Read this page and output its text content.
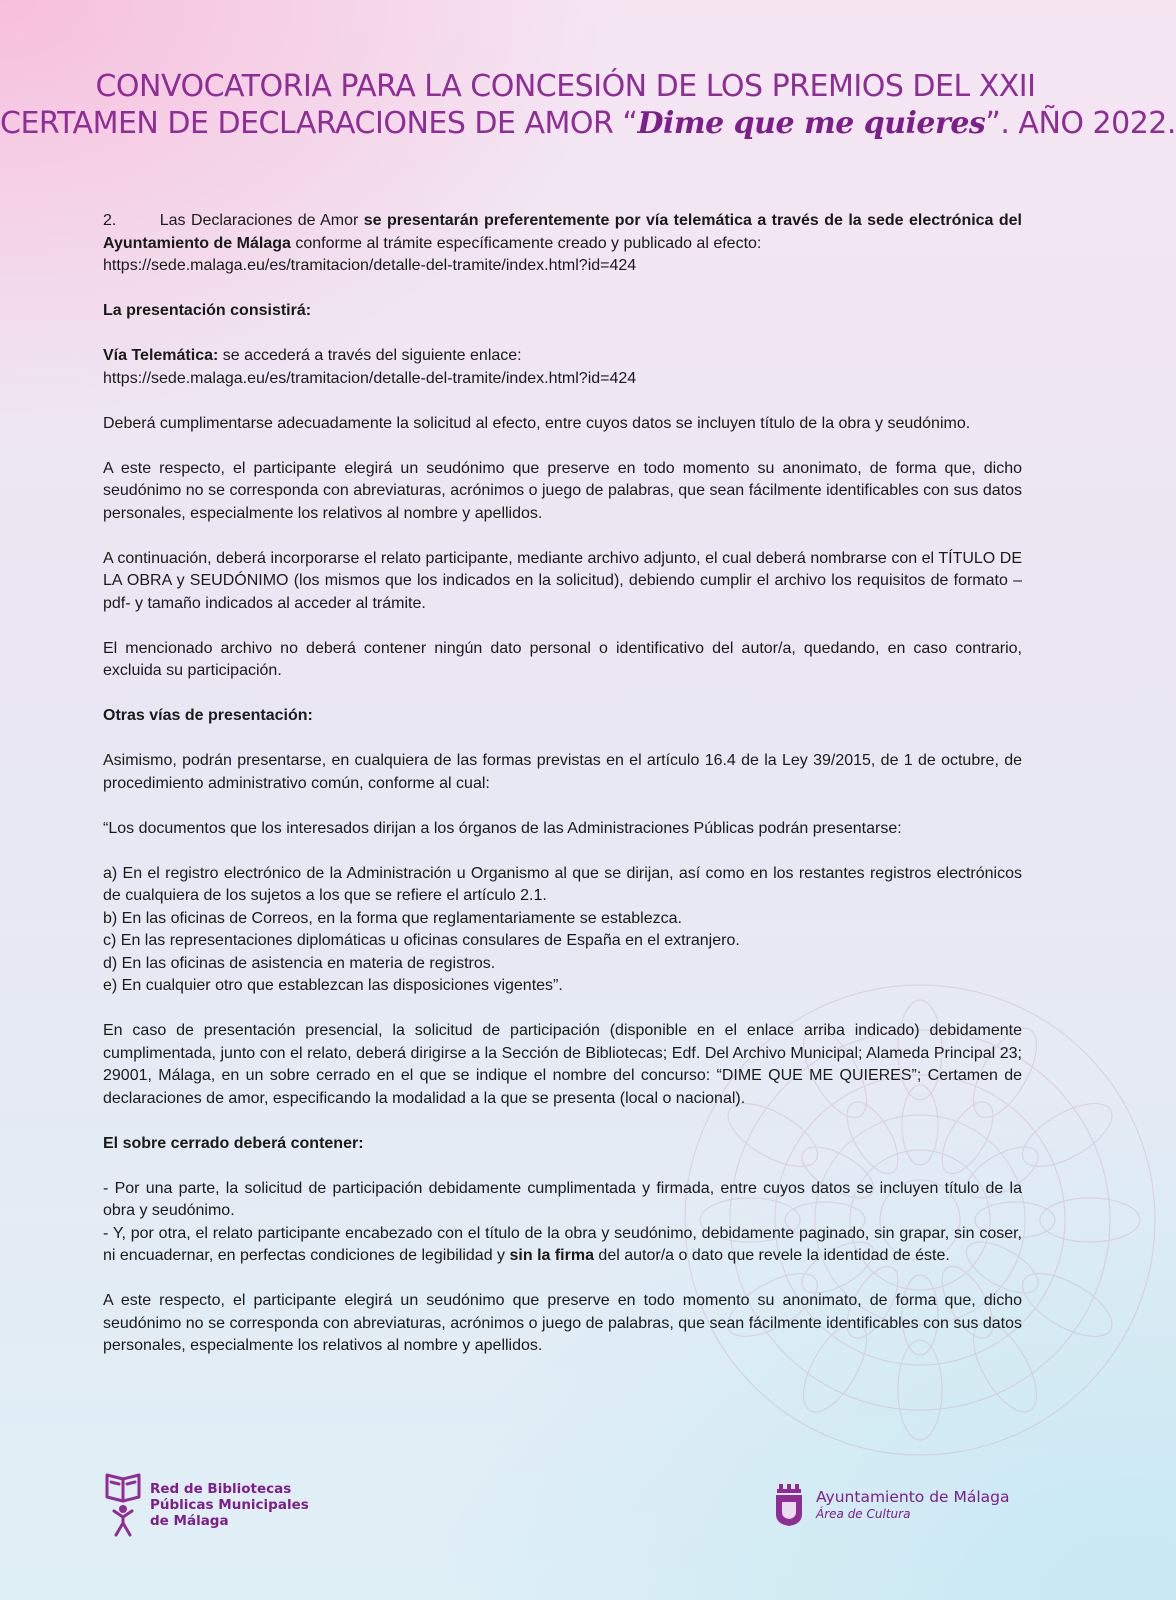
CONVOCATORIA PARA LA CONCESIÓN DE LOS PREMIOS DEL XXII
CERTAMEN DE DECLARACIONES DE AMOR “Dime que me quieres”. AÑO 2022.

2.	Las Declaraciones de Amor se presentarán preferentemente por vía telemática a través de la sede electrónica del Ayuntamiento de Málaga conforme al trámite específicamente creado y publicado al efecto:
https://sede.malaga.eu/es/tramitacion/detalle-del-tramite/index.html?id=424

La presentación consistirá:

Vía Telemática: se accederá a través del siguiente enlace:
https://sede.malaga.eu/es/tramitacion/detalle-del-tramite/index.html?id=424

Deberá cumplimentarse adecuadamente la solicitud al efecto, entre cuyos datos se incluyen título de la obra y seudónimo.

A este respecto, el participante elegirá un seudónimo que preserve en todo momento su anonimato, de forma que, dicho seudónimo no se corresponda con abreviaturas, acrónimos o juego de palabras, que sean fácilmente identificables con sus datos personales, especialmente los relativos al nombre y apellidos.

A continuación, deberá incorporarse el relato participante, mediante archivo adjunto, el cual deberá nombrarse con el TÍTULO DE LA OBRA y SEUDÓNIMO (los mismos que los indicados en la solicitud), debiendo cumplir el archivo los requisitos de formato –pdf- y tamaño indicados al acceder al trámite.

El mencionado archivo no deberá contener ningún dato personal o identificativo del autor/a, quedando, en caso contrario, excluida su participación.

Otras vías de presentación:

Asimismo, podrán presentarse, en cualquiera de las formas previstas en el artículo 16.4 de la Ley 39/2015, de 1 de octubre, de procedimiento administrativo común, conforme al cual:

“Los documentos que los interesados dirijan a los órganos de las Administraciones Públicas podrán presentarse:

a) En el registro electrónico de la Administración u Organismo al que se dirijan, así como en los restantes registros electrónicos de cualquiera de los sujetos a los que se refiere el artículo 2.1.

b) En las oficinas de Correos, en la forma que reglamentariamente se establezca.

c) En las representaciones diplomáticas u oficinas consulares de España en el extranjero.

d) En las oficinas de asistencia en materia de registros.

e) En cualquier otro que establezcan las disposiciones vigentes”.

En caso de presentación presencial, la solicitud de participación (disponible en el enlace arriba indicado) debidamente cumplimentada, junto con el relato, deberá dirigirse a la Sección de Bibliotecas; Edf. Del Archivo Municipal; Alameda Principal 23; 29001, Málaga, en un sobre cerrado en el que se indique el nombre del concurso: “DIME QUE ME QUIERES”; Certamen de declaraciones de amor, especificando la modalidad a la que se presenta (local o nacional).

El sobre cerrado deberá contener:

- Por una parte, la solicitud de participación debidamente cumplimentada y firmada, entre cuyos datos se incluyen título de la obra y seudónimo.

- Y, por otra, el relato participante encabezado con el título de la obra y seudónimo, debidamente paginado, sin grapar, sin coser, ni encuadernar, en perfectas condiciones de legibilidad y sin la firma del autor/a o dato que revele la identidad de éste.

A este respecto, el participante elegirá un seudónimo que preserve en todo momento su anonimato, de forma que, dicho seudónimo no se corresponda con abreviaturas, acrónimos o juego de palabras, que sean fácilmente identificables con sus datos personales, especialmente los relativos al nombre y apellidos.

Red de Bibliotecas
Públicas Municipales
de Málaga
Ayuntamiento de Málaga
Área de Cultura
